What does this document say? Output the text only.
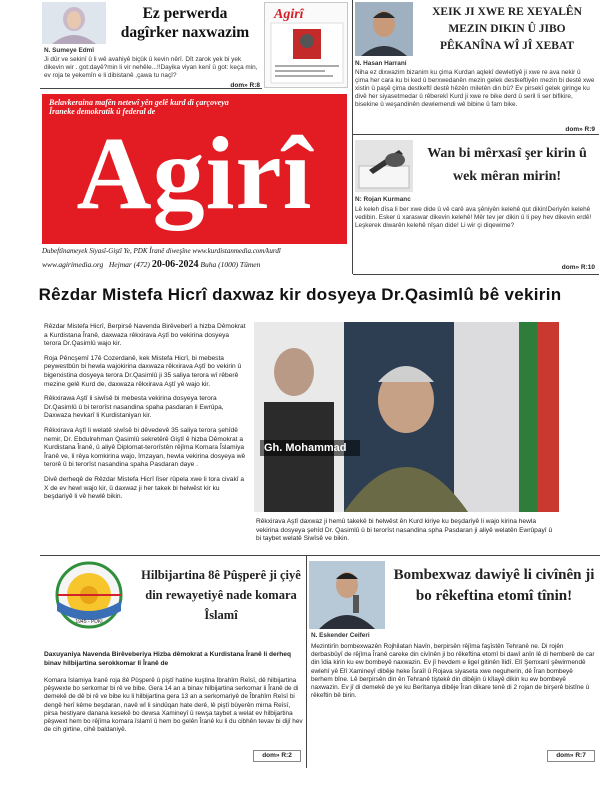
Ez perwerda dagîrker naxwazim
N. Sumeye Edmî
Ji dûr ve sekinî û li wê avahiyê biçûk û kevin nêrî. Dît zarok yek bi yek dikevin wir . got:dayê?min li vir nehêle...!!Dayika viyan kenî û got: keça min, ev roja te yekemîn e li dibistanê ,çawa tu naçî?
dom» R:8
Agirî	XEIK JI XWE RE XEYALÊN MEZIN DIKIN Û JIBO PÊKANÎNA WÎ JÎ XEBAT
N. Hasan Harrani
Niha ez dixwazim bizanim ku çima Kurdan aqlekî dewletîyê ji xwe re ava nekir û çima her cara ku bi ked û berxwedanên mezin gelek destkeftiyên mezin bi destê xwe xistin û paşê çima destkeftî destê hêzên miletên din bû? Ev pirsekî gelek giringe ku divê her siyasetmedar û rêberekî Kurd ji xwe re bike derd û seril li ser bifikire, bisekine û weşandinên dewlemendi wê bibine û fam bike.
dom» R:9
Belavkeraina mafên netewî yên gelê kurd di çarçoveya Îraneke demokratîk û federal de
Agirî
Dubeftînameyek Siyasî-Giştî Ye, PDK Îranê diweşîne www.kurdistanmedia.com/kurdî
www.agirimedia.org Hejmar (472) 20-06-2024 Buha (1000) Tûmen
Wan bi mêrxasî şer kirin û wek mêran mirin!
N: Rojan Kurmanc
Lê keleh dîsa li ber xwe dide û vê carê ava şêniyên kelehê qut dikin!Deriyên kelehê vedibin. Esker û xaraswar dikevin kelehê! Mêr tev jer dikin û li pey hev dikevin erdê! Leşkerek diwarên kelehê nîşan dide! Li wir çi diqewime?
dom» R:10
Rêzdar Mistefa Hicrî daxwaz kir dosyeya Dr.Qasimlû bê vekirin

Rêzdar Mistefa Hicrî, Berpirsê Navenda Birêveberî a hizba Dêmokrat a Kurdistana Îranê, daxwaza rêkxirava Aştî bo vekirina dosyeya terora Dr.Qasimlû wajo kir.

Roja Pêncşemî 17ê Cozerdanê, kek Mistefa Hicrî, bi mebesta peywestbûn bi hewla wajokirina daxwaza rêkxirava Aştî bo vekirin û bigerxistina dosyeya terora Dr.Qasimlû ji 35 saliya terora wî rêberê mezine gelê Kurd de, daxwaza rêkxirava Aştî yê wajo kir.

Rêkxirawa Aştî li siwîsê bi mebesta vekirina dosyeya terora Dr.Qasimlû û bi terorîst nasandina spaha pasdaran li Ewrûpa, Daxwaza hevkarî li Kurdistaniyan kir.

Rêkxirava Aştî li welatê siwîsê bi dêvedevê 35 saliya terora şehîdê nemir, Dr. Ebdulrehman Qasimlû sekretêrê Giştî ê hizba Dêmokrat a Kurdistana Îranê, û aliyê Diplomat-terorîstên rêjîma Komara Îslamiya Îranê ve, li rêya komkirina wajo, îmzayan, hewla vekirina dosyeya wê terorê û bi terorîst nasandina spaha Pasdaran daye .

Divê derheqê de Rêzdar Mistefa Hicrî lîser rûpela xwe li tora civakî a X de ev hewl wajo kir, û daxwaz ji her takek bi helwêst kir ku beşdariyê li vê hewlê bikin.

Gh. Mohammad
Rêkxirava Aştî daxwaz ji hemû takekê bi helwêst ên Kurd kiriye ku beşdariyê li wajo kirina hewla vekirina dosyeya şehîd Dr. Qasimlû û bi terorîst nasandina spha Pasdaran ji aliyê welatên Ewrûpayî û bi taybet welatê Siwîsê ve bikin.
1945 - PDKI
Hilbijartina 8ê Pûşperê ji çiyê din rewayetiyê nade komara Îslamî
Daxuyaniya Navenda Birêveberiya Hizba dêmokrat a Kurdistana Îranê li derheq binav hilbijartina serokkomar lî Îranê de
Komara Îslamiya Îranê roja 8ê Pûşperê û piştî hatine kuştina Îbrahîm Reîsî, dê hilbijartina pêşwexte bo serkomar bi rê ve bibe. Gera 14 an a binav hilbijartina serkomar li Îranê de di demekê de dê bi rê ve bibe ku li hilbijartina gera 13 an a serkomariyê de Îbrahîm Reîsî bi dengê herî kême beşdaran, navê wî li sindûqan hate derê, lê piştî bûyerên mirna Reîsî, pirsa hestiyare danana kesekê bo dewsa Xamineyî û rewşa taybet a welat ev hilbijartina pêşwext hem bo rêjîma komara îslamî û hem bo gelên Îranê ku li du cibhên tevav bi dijî hev de cih girtine, cihê baldaniyê.
dom» R:2
Bombexwaz dawiyê li civînên ji bo rêkeftina etomî tînin!
N. Eskender Ceiferi
Mezintirîn bombexwazên Rojhilatan Navîn, berpirsên rêjîma faşîstên Tehranê ne. Di rojên derbasbûyî de rêjîma Îranê careke din civînên ji bo rêkeftina etomî bi dawî anîn lê di hemberê de car din îdia kirin ku ew bombeyê naxwazin. Ev jî hevdem e ligel gitinên îlidî. Elî Şemxanî şêwirmendê ewlehî yê Elî Xamineyî dibêje heke Îsraîl û Rojava siyaseta xwe neguherin, dê Îran bombeyê berhem bîne. Lê berpirsên din ên Tehranê tiştekê din dibêjin û kîlayê dikin ku ew bombeyê naxwazin. Ev jî di demekê de ye ku Berîtanya dibêje Îran dikare tenê di 2 rojan de birşerê bistîne û rêkeftin bê birin.
dom» R:7
